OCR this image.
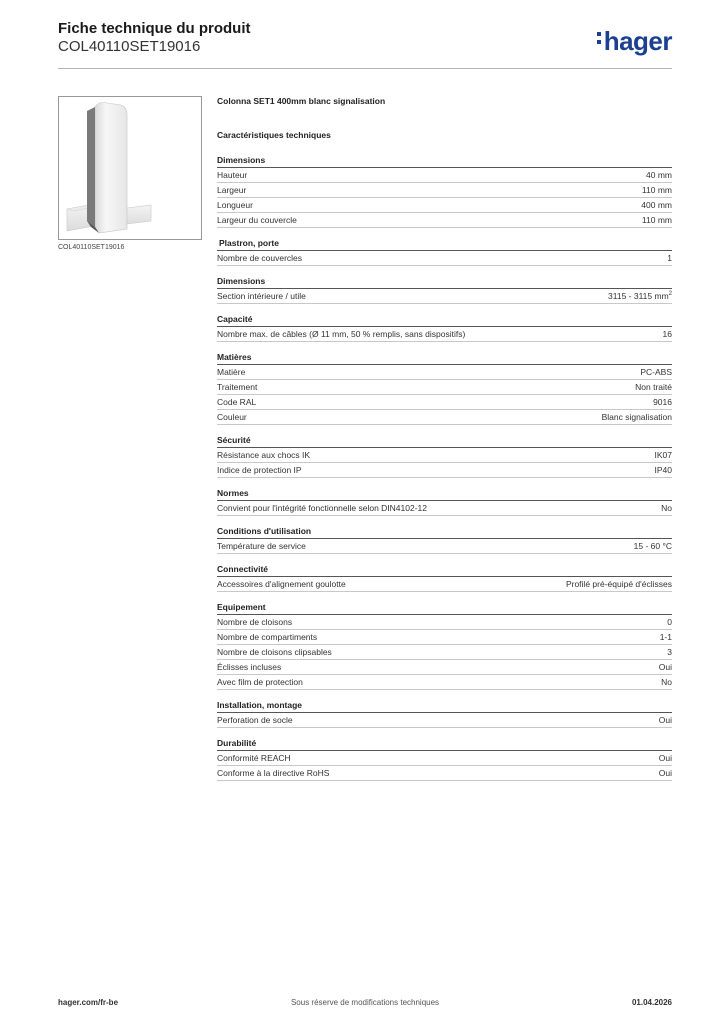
Fiche technique du produit
COL40110SET19016	hager
COL40110SET19016
Colonna SET1 400mm blanc signalisation
Caractéristiques techniques
Dimensions
Hauteur	40 mm
Largeur	110 mm
Longueur	400 mm
Largeur du couvercle	110 mm
Plastron, porte
Nombre de couvercles	1
Dimensions
Section intérieure / utile	3115 - 3115 $mm^2$
Capacité
Nombre max. de câbles (Ø 11 mm, 50 % remplis, sans dispositifs)	16
Matières
Matière	PC-ABS
Traitement	Non traité
Code RAL	9016
Couleur	Blanc signalisation
Sécurité
Résistance aux chocs IK	IK07
Indice de protection IP	IP40
Normes
Convient pour l'intégrité fonctionnelle selon DIN4102-12	No
Conditions d'utilisation
Température de service	15 - 60 °C
Connectivité
Accessoires d'alignement goulotte	Profilé pré-équipé d'éclisses
Equipement
Nombre de cloisons	0
Nombre de compartiments	1-1
Nombre de cloisons clipsables	3
Éclisses incluses	Oui
Avec film de protection	No
Installation, montage
Perforation de socle	Oui
Durabilité
Conformité REACH	Oui
Conforme à la directive RoHS	Oui
hager.com/fr-be	Sous réserve de modifications techniques	01.04.2026
